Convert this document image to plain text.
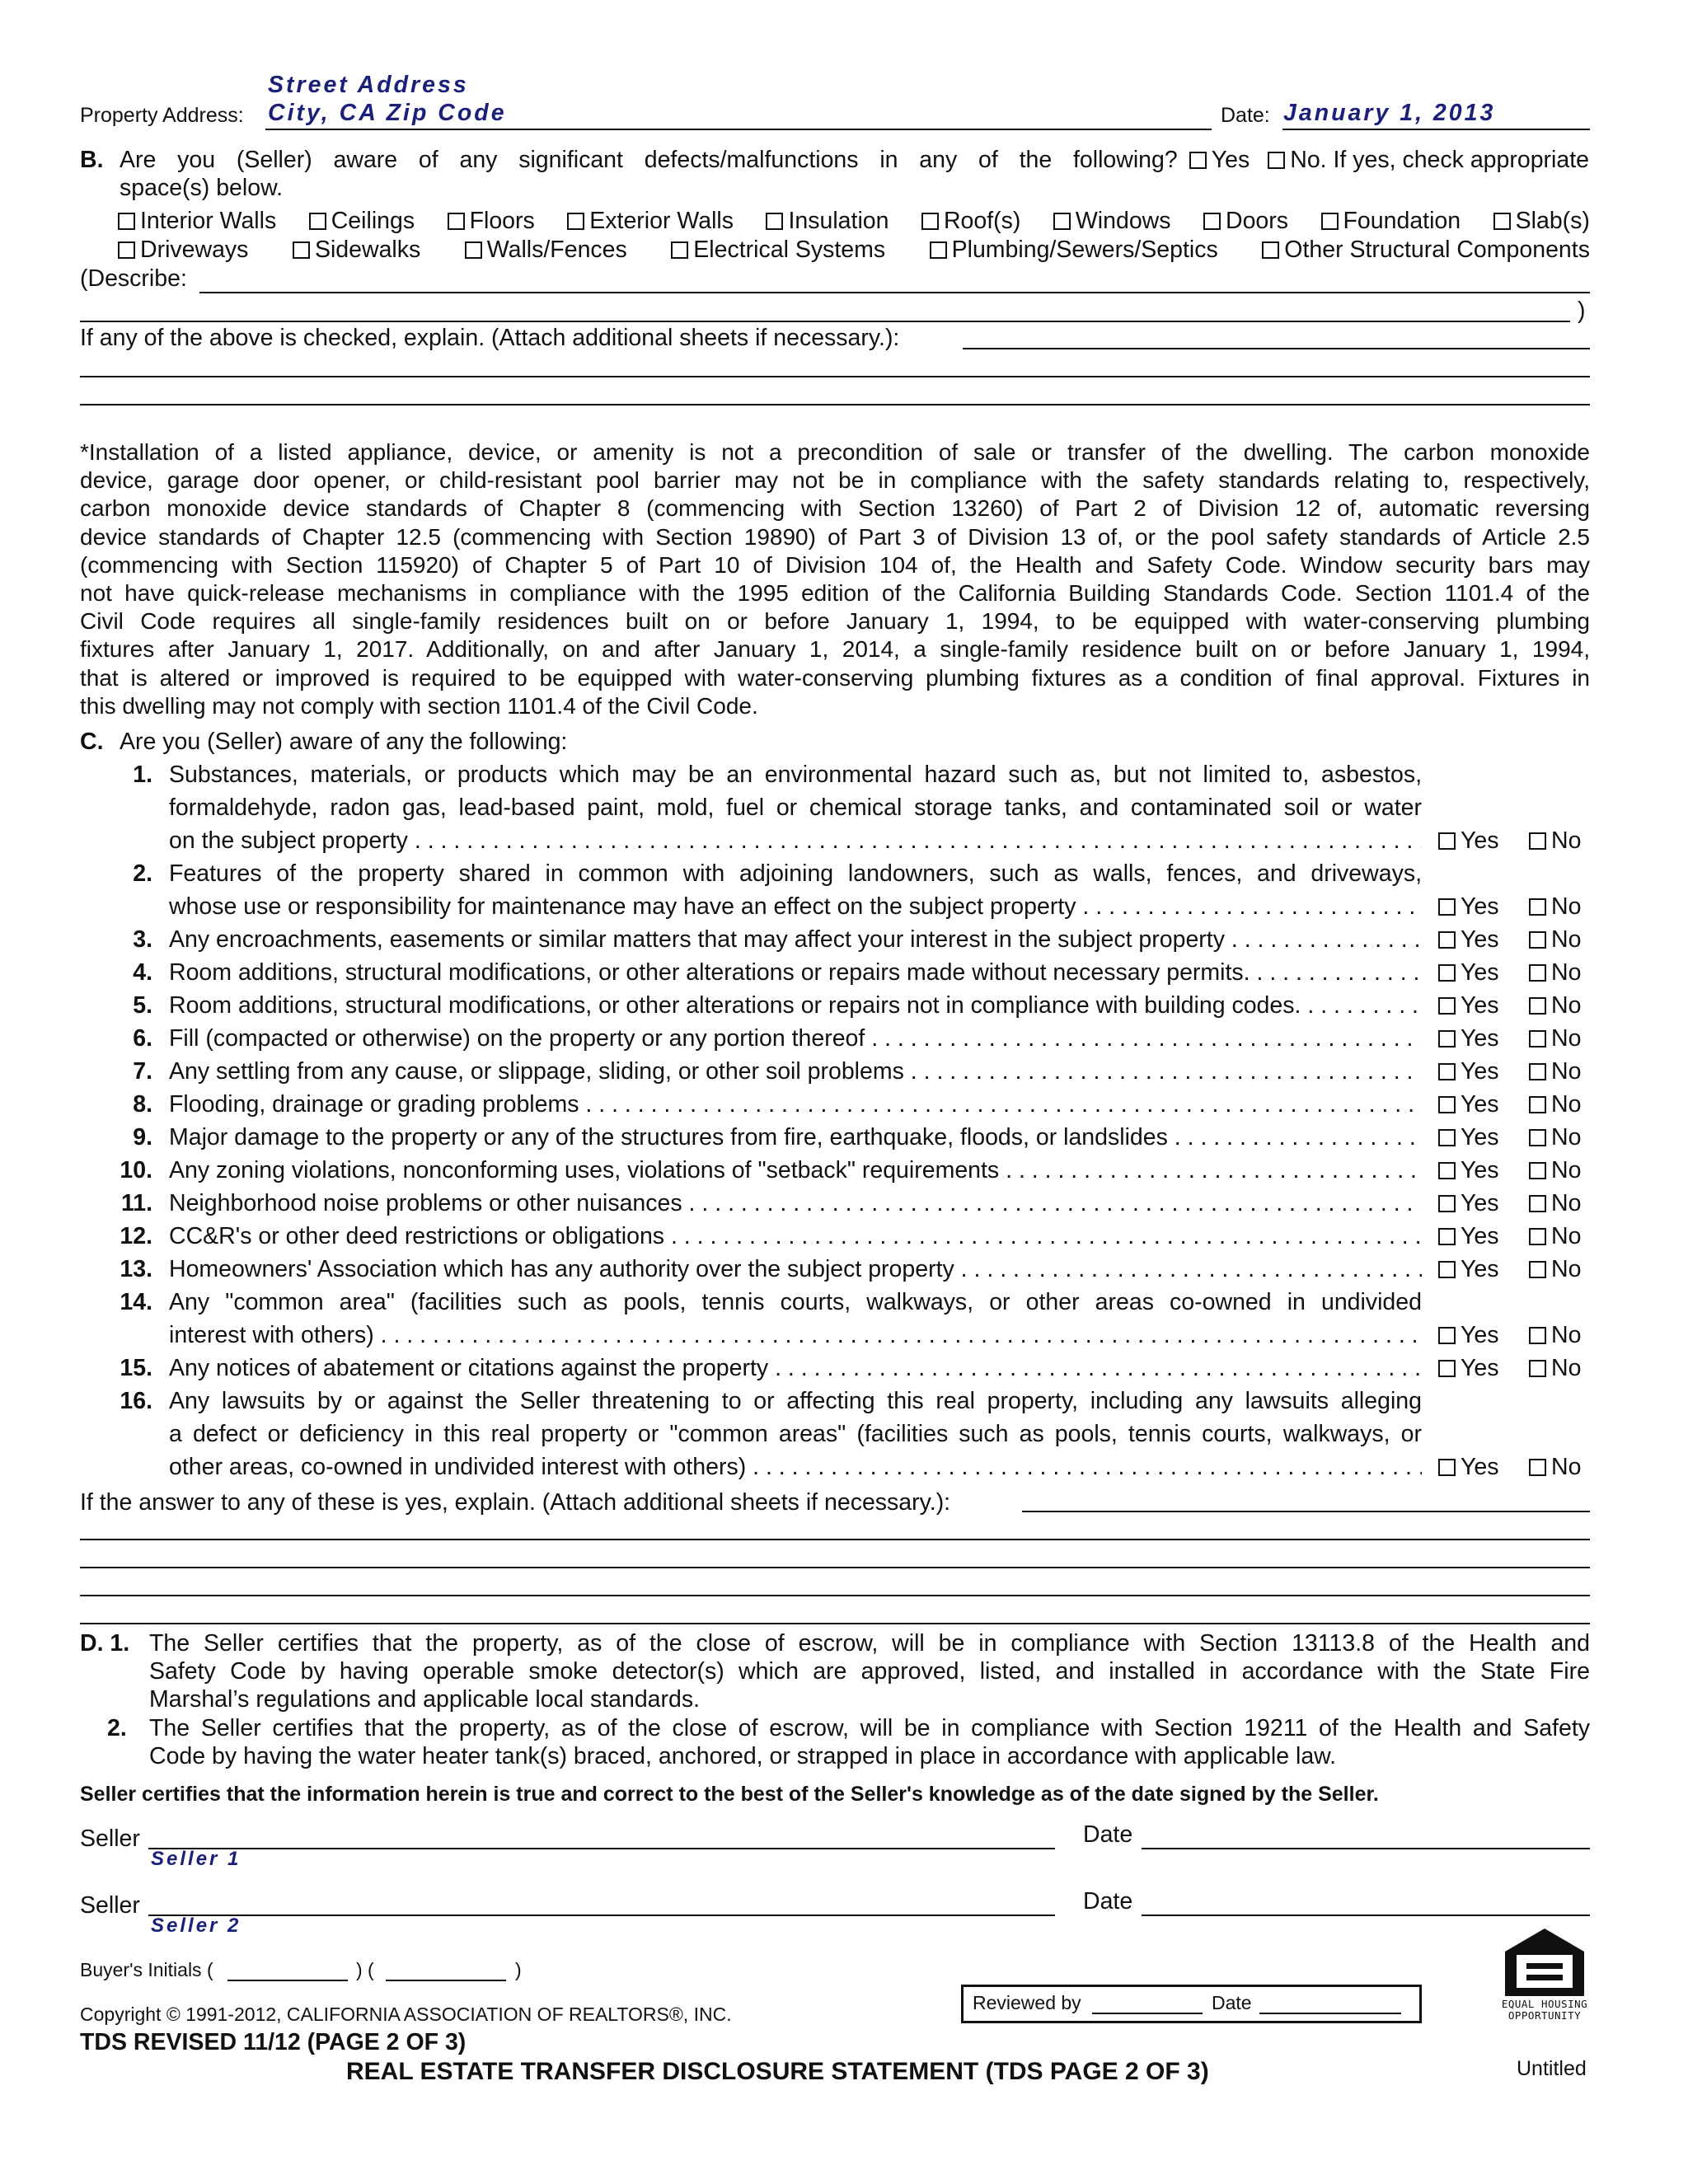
Street Address
Property Address: City, CA Zip Code	Date: January 1, 2013
B. Are you (Seller) aware of any significant defects/malfunctions in any of the following?	Yes	No. If yes, check appropriate
space(s) below.
Interior Walls	Ceilings	Floors	Exterior Walls	Insulation	Roof(s)	Windows	Doors	Foundation	Slab(s)
Driveways	Sidewalks	Walls/Fences	Electrical Systems	Plumbing/Sewers/Septics	Other Structural Components
(Describe:
)
If any of the above is checked, explain. (Attach additional sheets if necessary.):
*Installation of a listed appliance, device, or amenity is not a precondition of sale or transfer of the dwelling. The carbon monoxide
device, garage door opener, or child-resistant pool barrier may not be in compliance with the safety standards relating to, respectively,
carbon monoxide device standards of Chapter 8 (commencing with Section 13260) of Part 2 of Division 12 of, automatic reversing
device standards of Chapter 12.5 (commencing with Section 19890) of Part 3 of Division 13 of, or the pool safety standards of Article 2.5
(commencing with Section 115920) of Chapter 5 of Part 10 of Division 104 of, the Health and Safety Code. Window security bars may
not have quick-release mechanisms in compliance with the 1995 edition of the California Building Standards Code. Section 1101.4 of the
Civil Code requires all single-family residences built on or before January 1, 1994, to be equipped with water-conserving plumbing
fixtures after January 1, 2017. Additionally, on and after January 1, 2014, a single-family residence built on or before January 1, 1994,
that is altered or improved is required to be equipped with water-conserving plumbing fixtures as a condition of final approval. Fixtures in
this dwelling may not comply with section 1101.4 of the Civil Code.
C. Are you (Seller) aware of any the following:
1. Substances, materials, or products which may be an environmental hazard such as, but not limited to, asbestos,
formaldehyde, radon gas, lead-based paint, mold, fuel or chemical storage tanks, and contaminated soil or water
on the subject property . . .	Yes No
2. Features of the property shared in common with adjoining landowners, such as walls, fences, and driveways,
whose use or responsibility for maintenance may have an effect on the subject property . . .	Yes No
3. Any encroachments, easements or similar matters that may affect your interest in the subject property . . .	Yes No
4. Room additions, structural modifications, or other alterations or repairs made without necessary permits. . . .	Yes No
5. Room additions, structural modifications, or other alterations or repairs not in compliance with building codes. . . .	Yes No
6. Fill (compacted or otherwise) on the property or any portion thereof . . .	Yes No
7. Any settling from any cause, or slippage, sliding, or other soil problems . . .	Yes No
8. Flooding, drainage or grading problems . . .	Yes No
9. Major damage to the property or any of the structures from fire, earthquake, floods, or landslides . . .	Yes No
10. Any zoning violations, nonconforming uses, violations of "setback" requirements . . .	Yes No
11. Neighborhood noise problems or other nuisances . . .	Yes No
12. CC&R's or other deed restrictions or obligations . . .	Yes No
13. Homeowners' Association which has any authority over the subject property . . .	Yes No
14. Any "common area" (facilities such as pools, tennis courts, walkways, or other areas co-owned in undivided
interest with others) . . .	Yes No
15. Any notices of abatement or citations against the property . . .	Yes No
16. Any lawsuits by or against the Seller threatening to or affecting this real property, including any lawsuits alleging
a defect or deficiency in this real property or "common areas" (facilities such as pools, tennis courts, walkways, or
other areas, co-owned in undivided interest with others) . . .	Yes No
If the answer to any of these is yes, explain. (Attach additional sheets if necessary.):
D. 1. The Seller certifies that the property, as of the close of escrow, will be in compliance with Section 13113.8 of the Health and
Safety Code by having operable smoke detector(s) which are approved, listed, and installed in accordance with the State Fire
Marshal’s regulations and applicable local standards.
2. The Seller certifies that the property, as of the close of escrow, will be in compliance with Section 19211 of the Health and Safety
Code by having the water heater tank(s) braced, anchored, or strapped in place in accordance with applicable law.
Seller certifies that the information herein is true and correct to the best of the Seller's knowledge as of the date signed by the Seller.
Seller
Seller 1
Date
Seller
Seller 2
Date
Buyer's Initials (	) (	)
Reviewed by	Date	EQUAL HOUSING
OPPORTUNITY
Copyright © 1991-2012, CALIFORNIA ASSOCIATION OF REALTORS®, INC.
TDS REVISED 11/12 (PAGE 2 OF 3)
REAL ESTATE TRANSFER DISCLOSURE STATEMENT (TDS PAGE 2 OF 3)	Untitled
